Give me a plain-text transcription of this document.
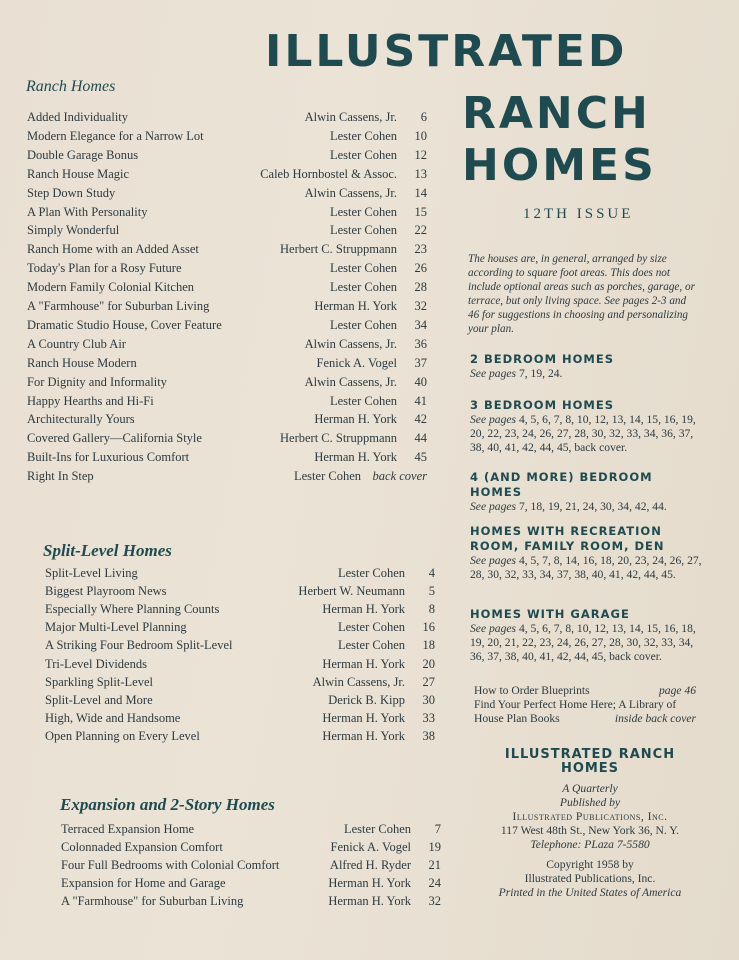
ILLUSTRATED
RANCH
HOMES
12TH ISSUE
Ranch Homes
Added Individuality	Alwin Cassens, Jr.	6
Modern Elegance for a Narrow Lot	Lester Cohen	10
Double Garage Bonus	Lester Cohen	12
Ranch House Magic	Caleb Hornbostel & Assoc.	13
Step Down Study	Alwin Cassens, Jr.	14
A Plan With Personality	Lester Cohen	15
Simply Wonderful	Lester Cohen	22
Ranch Home with an Added Asset	Herbert C. Struppmann	23
Today's Plan for a Rosy Future	Lester Cohen	26
Modern Family Colonial Kitchen	Lester Cohen	28
A "Farmhouse" for Suburban Living	Herman H. York	32
Dramatic Studio House, Cover Feature	Lester Cohen	34
A Country Club Air	Alwin Cassens, Jr.	36
Ranch House Modern	Fenick A. Vogel	37
For Dignity and Informality	Alwin Cassens, Jr.	40
Happy Hearths and Hi-Fi	Lester Cohen	41
Architecturally Yours	Herman H. York	42
Covered Gallery—California Style	Herbert C. Struppmann	44
Built-Ins for Luxurious Comfort	Herman H. York	45
Right In Step	Lester Cohen back cover
Split-Level Homes
Split-Level Living	Lester Cohen	4
Biggest Playroom News	Herbert W. Neumann	5
Especially Where Planning Counts	Herman H. York	8
Major Multi-Level Planning	Lester Cohen	16
A Striking Four Bedroom Split-Level	Lester Cohen	18
Tri-Level Dividends	Herman H. York	20
Sparkling Split-Level	Alwin Cassens, Jr.	27
Split-Level and More	Derick B. Kipp	30
High, Wide and Handsome	Herman H. York	33
Open Planning on Every Level	Herman H. York	38
Expansion and 2-Story Homes
Terraced Expansion Home	Lester Cohen	7
Colonnaded Expansion Comfort	Fenick A. Vogel	19
Four Full Bedrooms with Colonial Comfort	Alfred H. Ryder	21
Expansion for Home and Garage	Herman H. York	24
A "Farmhouse" for Suburban Living	Herman H. York	32
The houses are, in general, arranged by size according to square foot areas. This does not include optional areas such as porches, garage, or terrace, but only living space. See pages 2-3 and 46 for suggestions in choosing and personalizing your plan.
2 BEDROOM HOMES
See pages 7, 19, 24.
3 BEDROOM HOMES
See pages 4, 5, 6, 7, 8, 10, 12, 13, 14, 15, 16, 19, 20, 22, 23, 24, 26, 27, 28, 30, 32, 33, 34, 36, 37, 38, 40, 41, 42, 44, 45, back cover.
4 (AND MORE) BEDROOM HOMES
See pages 7, 18, 19, 21, 24, 30, 34, 42, 44.
HOMES WITH RECREATION ROOM, FAMILY ROOM, DEN
See pages 4, 5, 7, 8, 14, 16, 18, 20, 23, 24, 26, 27, 28, 30, 32, 33, 34, 37, 38, 40, 41, 42, 44, 45.
HOMES WITH GARAGE
See pages 4, 5, 6, 7, 8, 10, 12, 13, 14, 15, 16, 18, 19, 20, 21, 22, 23, 24, 26, 27, 28, 30, 32, 33, 34, 36, 37, 38, 40, 41, 42, 44, 45, back cover.
How to Order Blueprints	page 46
Find Your Perfect Home Here; A Library of
House Plan Books	inside back cover
ILLUSTRATED RANCH HOMES
A Quarterly
Published by
Illustrated Publications, Inc.
117 West 48th St., New York 36, N. Y.
Telephone: PLaza 7-5580
Copyright 1958 by
Illustrated Publications, Inc.
Printed in the United States of America
